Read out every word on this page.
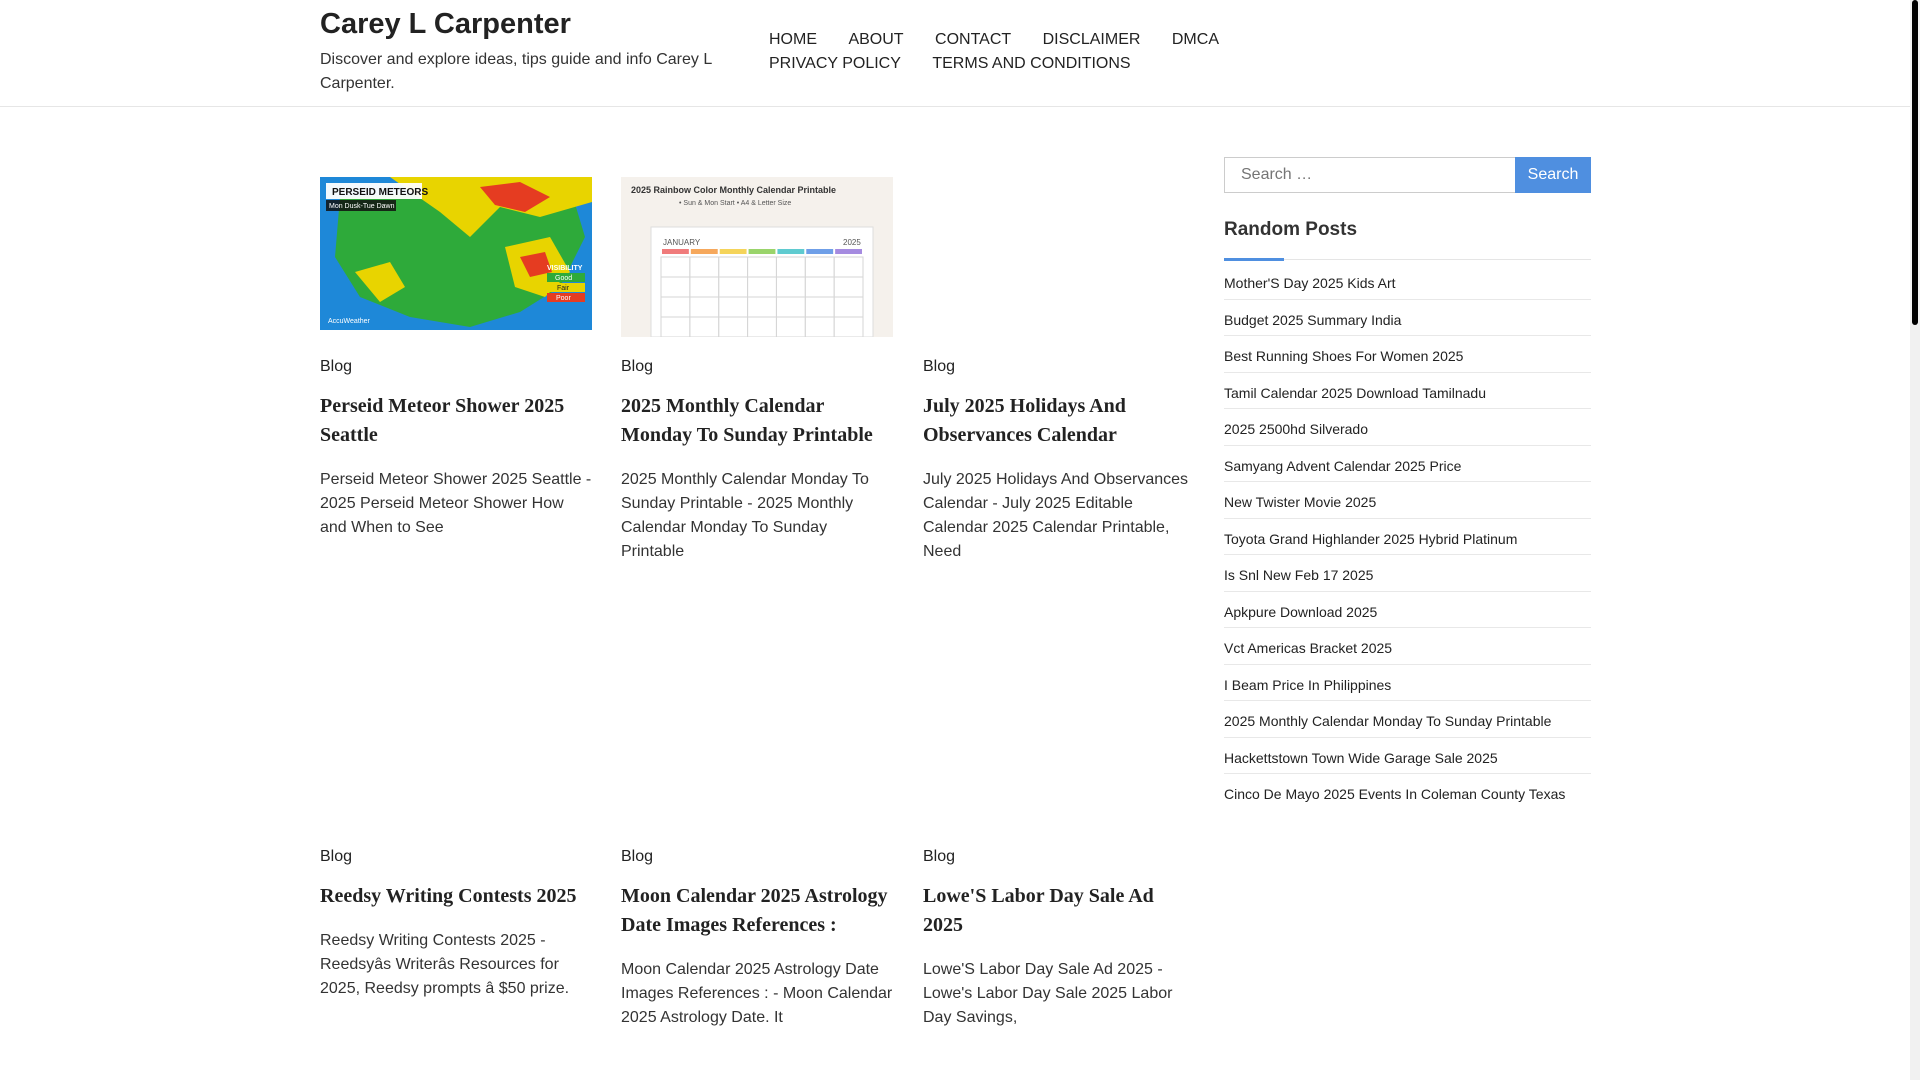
Carey L Carpenter

Discover and explore ideas, tips guide and info Carey L Carpenter.

HOME ABOUT CONTACT DISCLAIMER DMCA PRIVACY POLICY TERMS AND CONDITIONS
PERSEID METEORS
Mon Dusk-Tue Dawn
VISIBILITY
Good
Fair
Poor
AccuWeather
Blog
Perseid Meteor Shower 2025 Seattle

Perseid Meteor Shower 2025 Seattle - 2025 Perseid Meteor Shower How and When to See

2025 Rainbow Color Monthly Calendar Printable
• Sun & Mon Start • A4 & Letter Size
JANUARY	2025
Blog
2025 Monthly Calendar Monday To Sunday Printable

2025 Monthly Calendar Monday To Sunday Printable - 2025 Monthly Calendar Monday To Sunday Printable

Blog
July 2025 Holidays And Observances Calendar

July 2025 Holidays And Observances Calendar - July 2025 Editable Calendar 2025 Calendar Printable, Need

Blog
Reedsy Writing Contests 2025

Reedsy Writing Contests 2025 - Reedsyâs Writerâs Resources for 2025, Reedsy prompts â $50 prize.

Blog
Moon Calendar 2025 Astrology Date Images References :

Moon Calendar 2025 Astrology Date Images References : - Moon Calendar 2025 Astrology Date. It

Blog
Lowe'S Labor Day Sale Ad 2025

Lowe'S Labor Day Sale Ad 2025 - Lowe's Labor Day Sale 2025 Labor Day Savings,

Search …
Search
Random Posts
Mother'S Day 2025 Kids Art
Budget 2025 Summary India
Best Running Shoes For Women 2025
Tamil Calendar 2025 Download Tamilnadu
2025 2500hd Silverado
Samyang Advent Calendar 2025 Price
New Twister Movie 2025
Toyota Grand Highlander 2025 Hybrid Platinum
Is Snl New Feb 17 2025
Apkpure Download 2025
Vct Americas Bracket 2025
I Beam Price In Philippines
2025 Monthly Calendar Monday To Sunday Printable
Hackettstown Town Wide Garage Sale 2025
Cinco De Mayo 2025 Events In Coleman County Texas
